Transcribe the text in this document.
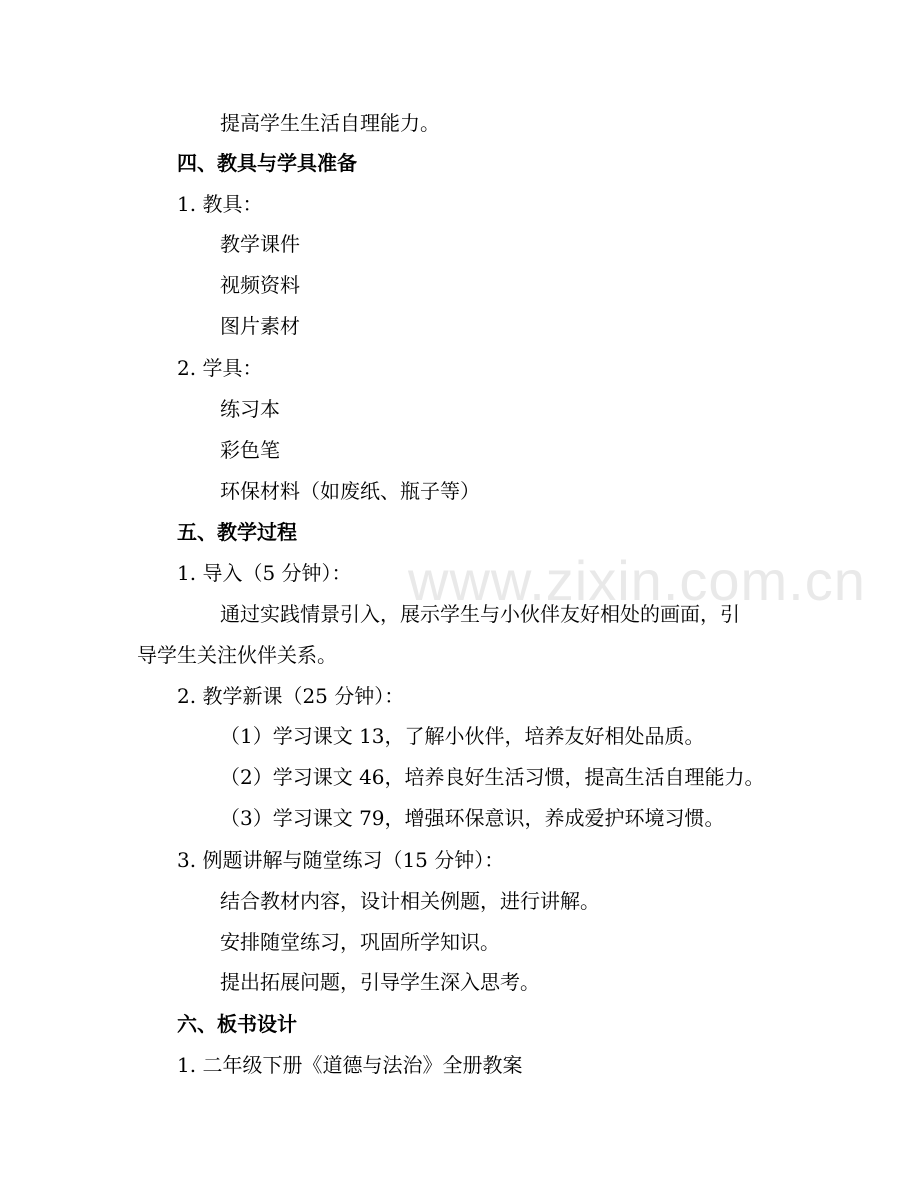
www.zixin.com.cn
提高学生生活自理能力。
四、教具与学具准备
1. 教具：
教学课件
视频资料
图片素材
2. 学具：
练习本
彩色笔
环保材料（如废纸、瓶子等）
五、教学过程
1. 导入（5 分钟）：
通过实践情景引入，展示学生与小伙伴友好相处的画面，引
导学生关注伙伴关系。
2. 教学新课（25 分钟）：
（1）学习课文 13，了解小伙伴，培养友好相处品质。
（2）学习课文 46，培养良好生活习惯，提高生活自理能力。
（3）学习课文 79，增强环保意识，养成爱护环境习惯。
3. 例题讲解与随堂练习（15 分钟）：
结合教材内容，设计相关例题，进行讲解。
安排随堂练习，巩固所学知识。
提出拓展问题，引导学生深入思考。
六、板书设计
1. 二年级下册《道德与法治》全册教案
